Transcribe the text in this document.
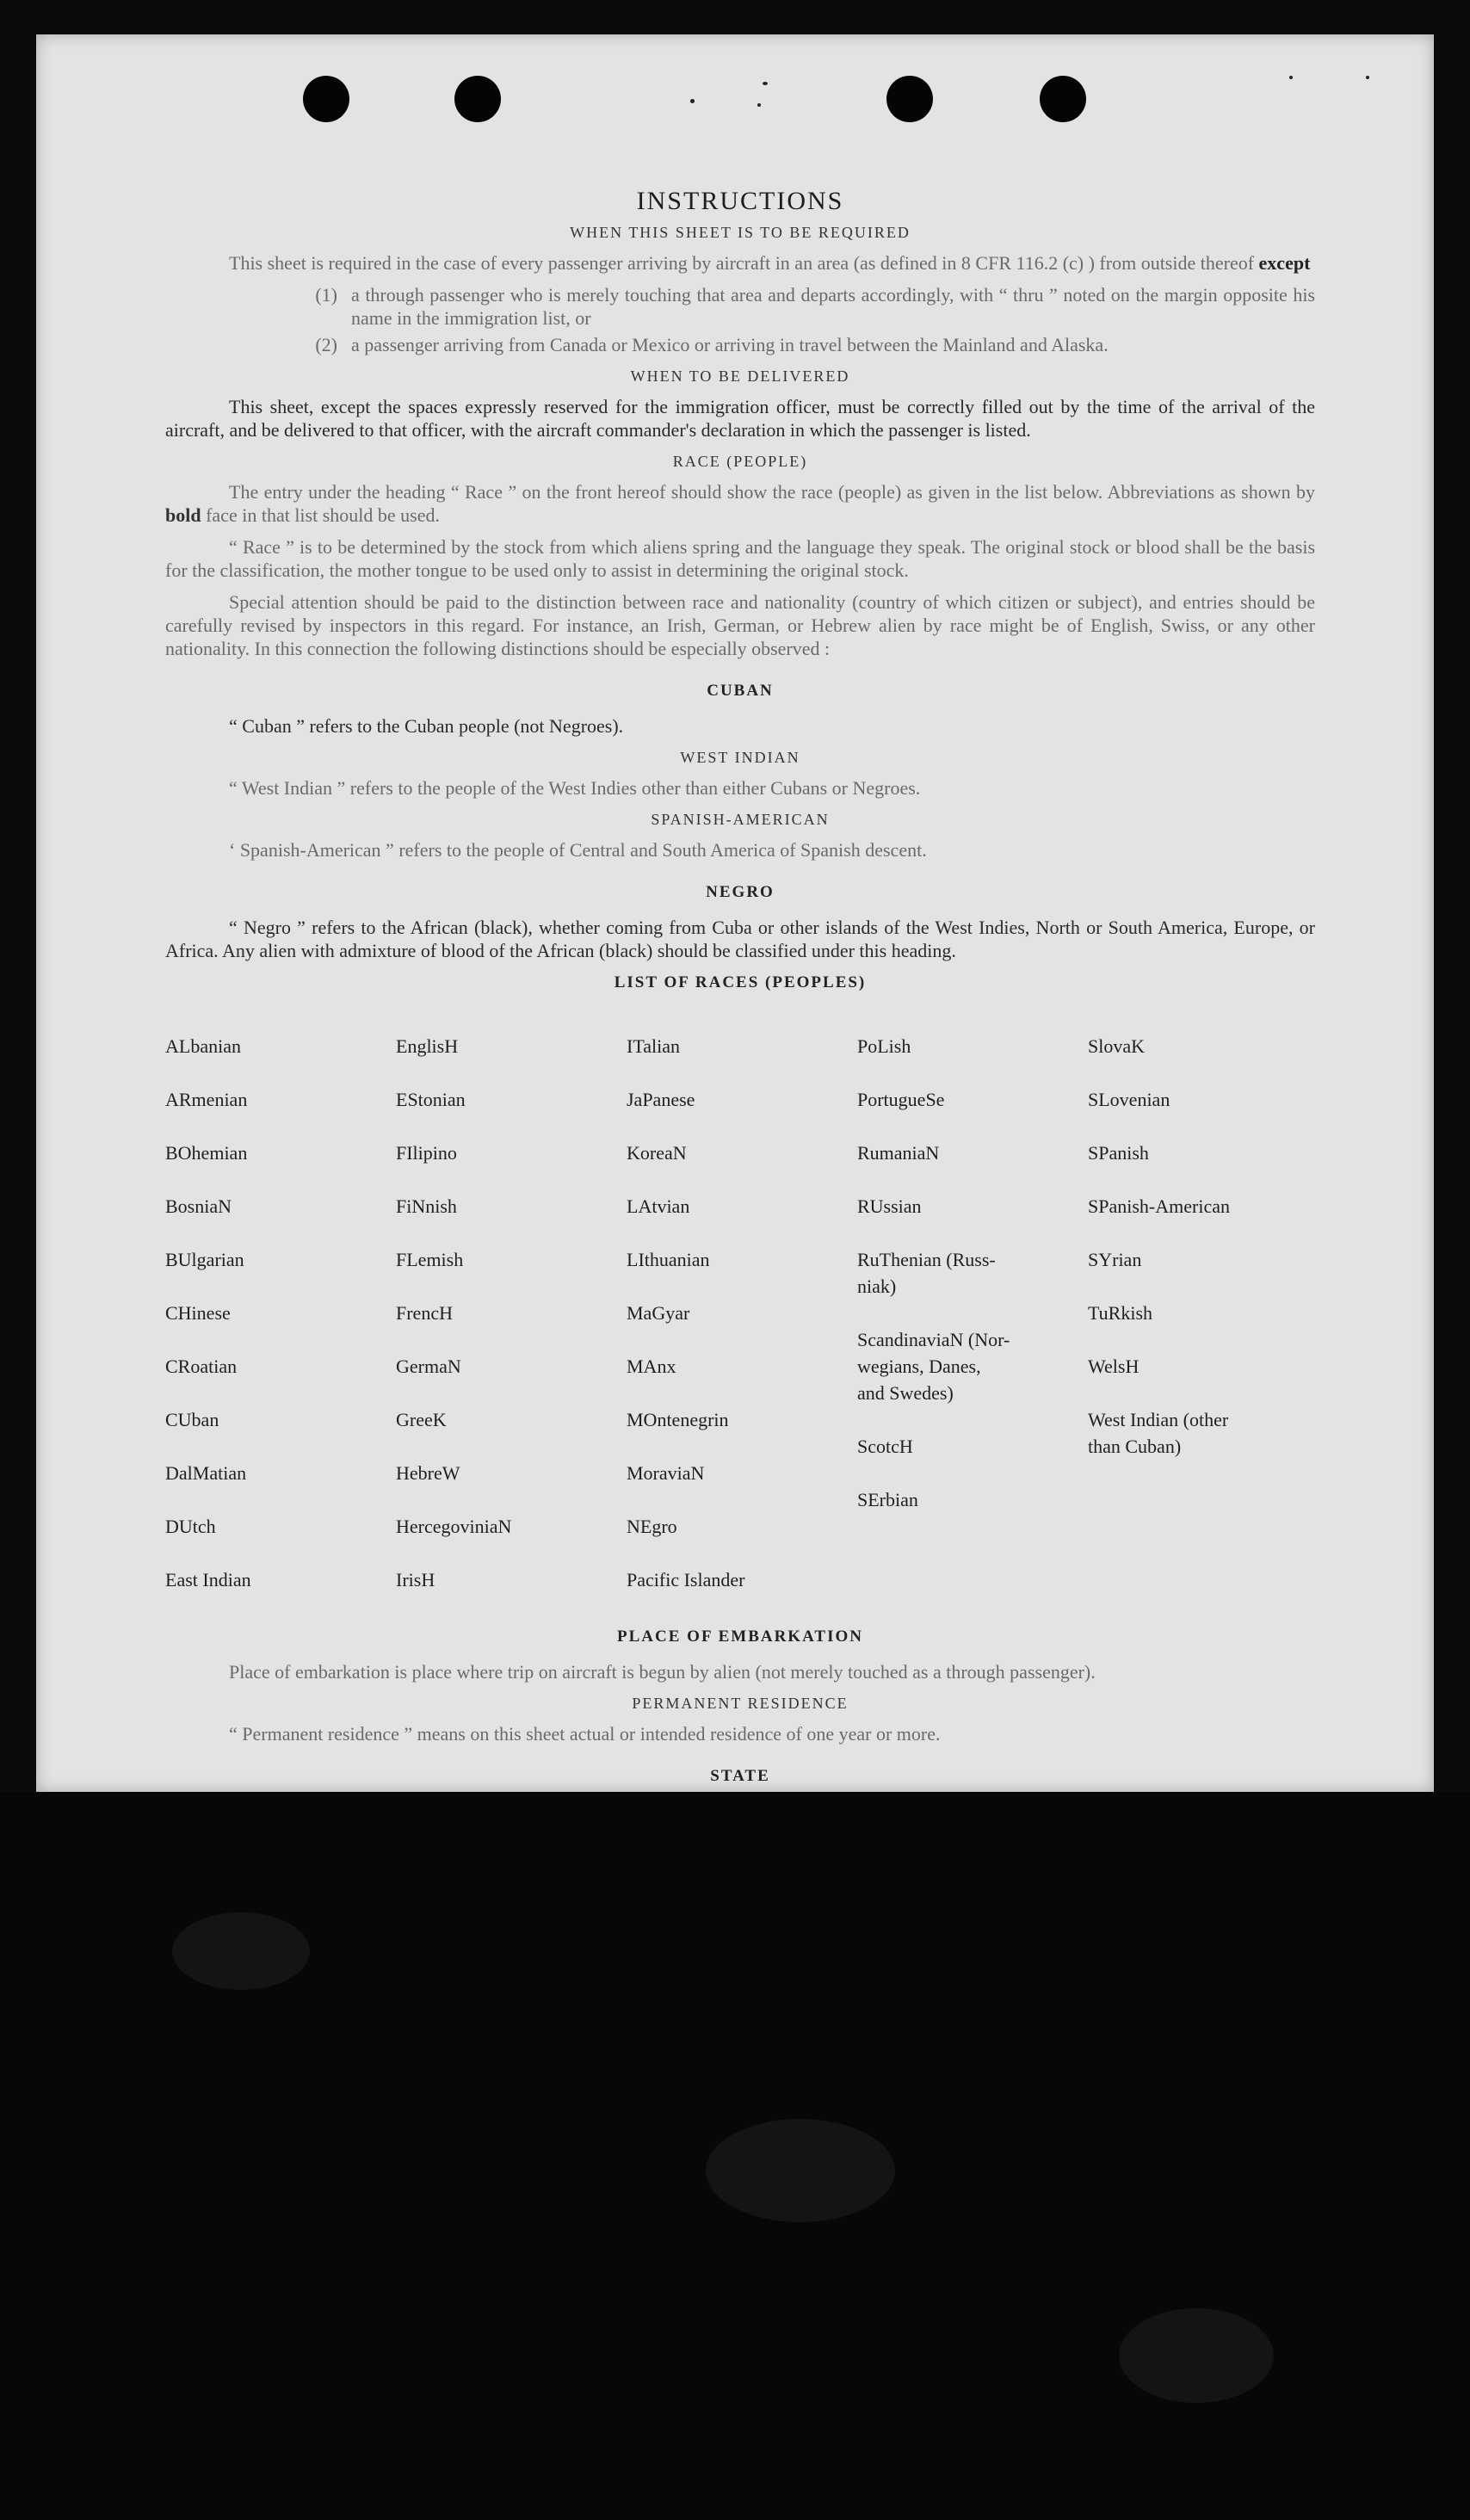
INSTRUCTIONS
WHEN THIS SHEET IS TO BE REQUIRED

This sheet is required in the case of every passenger arriving by aircraft in an area (as defined in 8 CFR 116.2 (c) ) from outside thereof except

(1) a through passenger who is merely touching that area and departs accordingly, with “ thru ” noted on the margin opposite his name in the immigration list, or
(2) a passenger arriving from Canada or Mexico or arriving in travel between the Mainland and Alaska.
WHEN TO BE DELIVERED

This sheet, except the spaces expressly reserved for the immigration officer, must be correctly filled out by the time of the arrival of the aircraft, and be delivered to that officer, with the aircraft commander's declaration in which the passenger is listed.

RACE (PEOPLE)

The entry under the heading “ Race ” on the front hereof should show the race (people) as given in the list below. Abbreviations as shown by bold face in that list should be used.

“ Race ” is to be determined by the stock from which aliens spring and the language they speak. The original stock or blood shall be the basis for the classification, the mother tongue to be used only to assist in determining the original stock.

Special attention should be paid to the distinction between race and nationality (country of which citizen or subject), and entries should be carefully revised by inspectors in this regard. For instance, an Irish, German, or Hebrew alien by race might be of English, Swiss, or any other nationality. In this connection the following distinctions should be especially observed :

CUBAN

“ Cuban ” refers to the Cuban people (not Negroes).

WEST INDIAN

“ West Indian ” refers to the people of the West Indies other than either Cubans or Negroes.

SPANISH-AMERICAN

‘ Spanish-American ” refers to the people of Central and South America of Spanish descent.

NEGRO

“ Negro ” refers to the African (black), whether coming from Cuba or other islands of the West Indies, North or South America, Europe, or Africa. Any alien with admixture of blood of the African (black) should be classified under this heading.

LIST OF RACES (PEOPLES)

ALbanian

ARmenian

BOhemian

BosniaN

BUlgarian

CHinese

CRoatian

CUban

DalMatian

DUtch

East Indian

EnglisH

EStonian

FIlipino

FiNnish

FLemish

FrencH

GermaN

GreeK

HebreW

HercegoviniaN

IrisH

ITalian

JaPanese

KoreaN

LAtvian

LIthuanian

MaGyar

MAnx

MOntenegrin

MoraviaN

NEgro

Pacific Islander

PoLish

PortugueSe

RumaniaN

RUssian

RuThenian (Russ-
niak)

ScandinaviaN (Nor-
wegians, Danes,
and Swedes)

ScotcH

SErbian

SlovaK

SLovenian

SPanish

SPanish-American

SYrian

TuRkish

WelsH

West Indian (other
than Cuban)

PLACE OF EMBARKATION

Place of embarkation is place where trip on aircraft is begun by alien (not merely touched as a through passenger).

PERMANENT RESIDENCE

“ Permanent residence ” means on this sheet actual or intended residence of one year or more.

STATE
